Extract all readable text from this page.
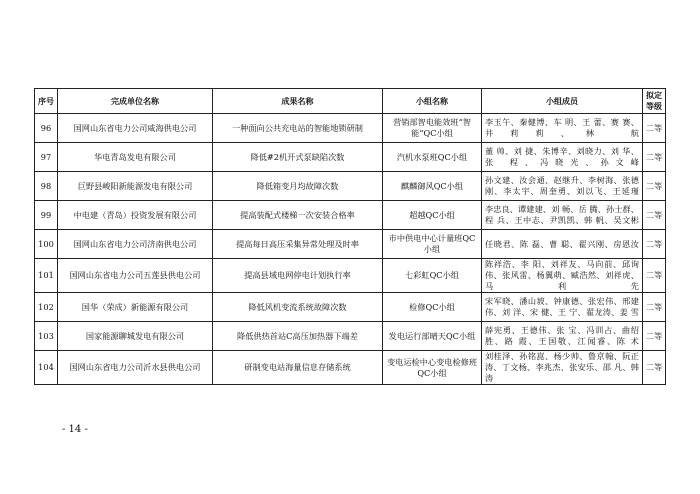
序号	完成单位名称	成果名称	小组名称	小组成员	拟定等级
96	国网山东省电力公司威海供电公司	一种面向公共充电站的智能地锁研制	营销部智电能效班“智能”QC小组	李玉午、秦健博、车 明、王 蕾、赛 赛、井莉莉、林 航	二等
97	华电青岛发电有限公司	降低#2机开式泵缺陷次数	汽机水泵班QC小组	董 帅、刘 捷、朱博辛、刘晓力、刘 华、张 程、冯晓光、孙文峰	二等
98	巨野县峻阳新能源发电有限公司	降低箱变月均故障次数	麒麟御风QC小组	孙文建、汝会通、赵继升、李树海、张德刚、李太宇、周奎勇、刘以飞、王延瑾	二等
99	中电建（青岛）投资发展有限公司	提高装配式楼梯一次安装合格率	超越QC小组	李忠良、谭建建、刘 畅、岳 腾、孙士群、程 兵、王中志、尹凯凯、韩 帆、吴文彬	二等
100	国网山东省电力公司济南供电公司	提高每日高压采集异常处理及时率	市中供电中心计量班QC小组	任晓君、陈 磊、曹 聪、翟兴刚、房恩汝	二等
101	国网山东省电力公司五莲县供电公司	提高县域电网停电计划执行率	七彩虹QC小组	陈祥浩、李 阳、刘祥友、马向前、邱询伟、张风雷、杨翼萌、臧浩然、刘祥虎、马利先	二等
102	国华（荣成）新能源有限公司	降低风机变流系统故障次数	检修QC小组	宋军晓、潘山坡、钟康德、张宏伟、邢建伟、刘 洋、宋 健、王 宁、翟龙涛、姜 雪	二等
103	国家能源聊城发电有限公司	降低供热首站C高压加热器下端差	发电运行部晴天QC小组	薛宪勇、王德伟、张 宝、冯训占、曲绍胜、路 霞、王国敬、江闻睿、陈 术	二等
104	国网山东省电力公司沂水县供电公司	研制变电站海量信息存储系统	变电运检中心变电检修班QC小组	刘桂泽、孙铭崑、杨少帅、鲁京翰、阮正涛、丁文杨、李兆杰、张安乐、邵 凡、韩 涛	二等
- 14 -
